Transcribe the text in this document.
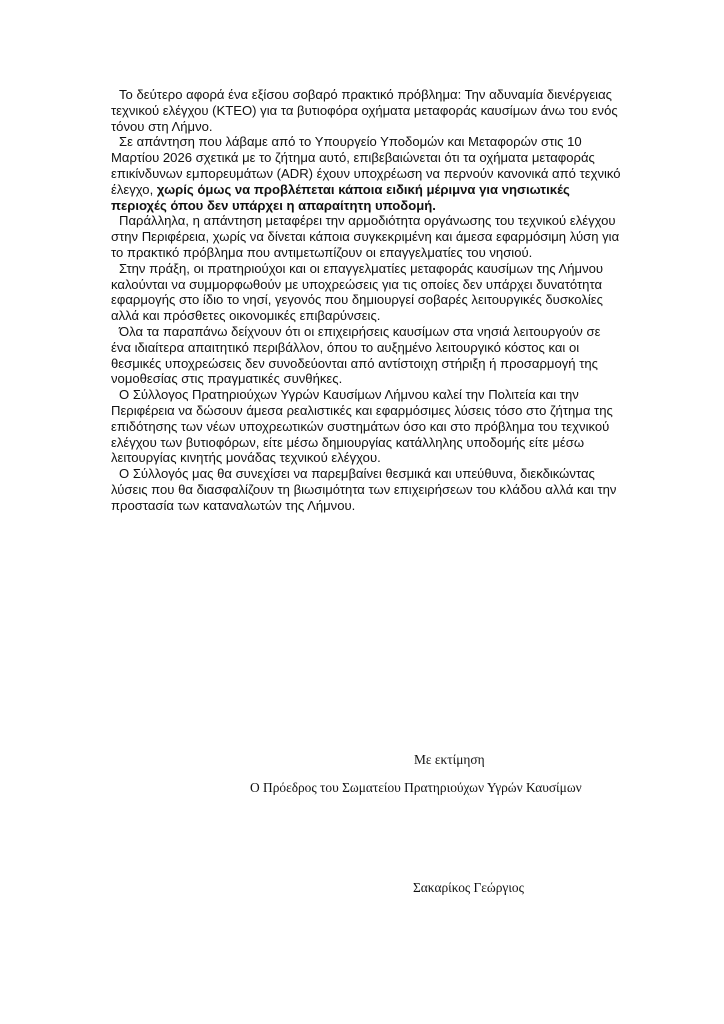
Το δεύτερο αφορά ένα εξίσου σοβαρό πρακτικό πρόβλημα: Την αδυναμία διενέργειας τεχνικού ελέγχου (ΚΤΕΟ) για τα βυτιοφόρα οχήματα μεταφοράς καυσίμων άνω του ενός τόνου στη Λήμνο.

Σε απάντηση που λάβαμε από το Υπουργείο Υποδομών και Μεταφορών στις 10 Μαρτίου 2026 σχετικά με το ζήτημα αυτό, επιβεβαιώνεται ότι τα οχήματα μεταφοράς επικίνδυνων εμπορευμάτων (ADR) έχουν υποχρέωση να περνούν κανονικά από τεχνικό έλεγχο, χωρίς όμως να προβλέπεται κάποια ειδική μέριμνα για νησιωτικές περιοχές όπου δεν υπάρχει η απαραίτητη υποδομή.

Παράλληλα, η απάντηση μεταφέρει την αρμοδιότητα οργάνωσης του τεχνικού ελέγχου στην Περιφέρεια, χωρίς να δίνεται κάποια συγκεκριμένη και άμεσα εφαρμόσιμη λύση για το πρακτικό πρόβλημα που αντιμετωπίζουν οι επαγγελματίες του νησιού.

Στην πράξη, οι πρατηριούχοι και οι επαγγελματίες μεταφοράς καυσίμων της Λήμνου καλούνται να συμμορφωθούν με υποχρεώσεις για τις οποίες δεν υπάρχει δυνατότητα εφαρμογής στο ίδιο το νησί, γεγονός που δημιουργεί σοβαρές λειτουργικές δυσκολίες αλλά και πρόσθετες οικονομικές επιβαρύνσεις.

Όλα τα παραπάνω δείχνουν ότι οι επιχειρήσεις καυσίμων στα νησιά λειτουργούν σε ένα ιδιαίτερα απαιτητικό περιβάλλον, όπου το αυξημένο λειτουργικό κόστος και οι θεσμικές υποχρεώσεις δεν συνοδεύονται από αντίστοιχη στήριξη ή προσαρμογή της νομοθεσίας στις πραγματικές συνθήκες.

Ο Σύλλογος Πρατηριούχων Υγρών Καυσίμων Λήμνου καλεί την Πολιτεία και την Περιφέρεια να δώσουν άμεσα ρεαλιστικές και εφαρμόσιμες λύσεις τόσο στο ζήτημα της επιδότησης των νέων υποχρεωτικών συστημάτων όσο και στο πρόβλημα του τεχνικού ελέγχου των βυτιοφόρων, είτε μέσω δημιουργίας κατάλληλης υποδομής είτε μέσω λειτουργίας κινητής μονάδας τεχνικού ελέγχου.

Ο Σύλλογός μας θα συνεχίσει να παρεμβαίνει θεσμικά και υπεύθυνα, διεκδικώντας λύσεις που θα διασφαλίζουν τη βιωσιμότητα των επιχειρήσεων του κλάδου αλλά και την προστασία των καταναλωτών της Λήμνου.

Με εκτίμηση
Ο Πρόεδρος του Σωματείου Πρατηριούχων Υγρών Καυσίμων
Σακαρίκος Γεώργιος
